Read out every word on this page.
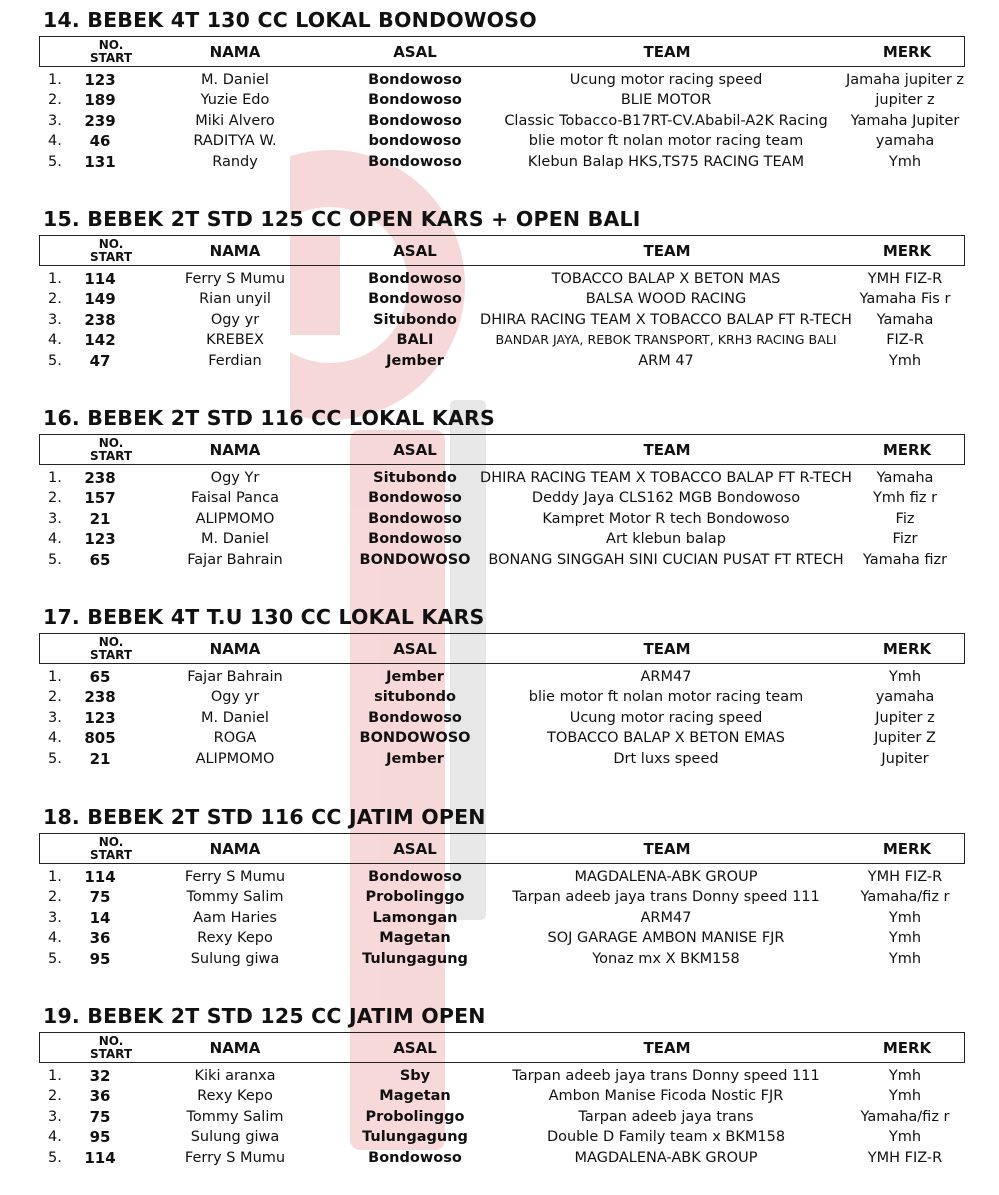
14. BEBEK 4T 130 CC LOKAL BONDOWOSO
NO.
START	NAMA	ASAL	TEAM	MERK
1.	123	M. Daniel	Bondowoso	Ucung motor racing speed	Jamaha jupiter z
2.	189	Yuzie Edo	Bondowoso	BLIE MOTOR	jupiter z
3.	239	Miki Alvero	Bondowoso	Classic Tobacco-B17RT-CV.Ababil-A2K Racing	Yamaha Jupiter
4.	46	RADITYA W.	bondowoso	blie motor ft nolan motor racing team	yamaha
5.	131	Randy	Bondowoso	Klebun Balap HKS,TS75 RACING TEAM	Ymh
15. BEBEK 2T STD 125 CC OPEN KARS + OPEN BALI
NO.
START	NAMA	ASAL	TEAM	MERK
1.	114	Ferry S Mumu	Bondowoso	TOBACCO BALAP X BETON MAS	YMH FIZ-R
2.	149	Rian unyil	Bondowoso	BALSA WOOD RACING	Yamaha Fis r
3.	238	Ogy yr	Situbondo	DHIRA RACING TEAM X TOBACCO BALAP FT R-TECH	Yamaha
4.	142	KREBEX	BALI	BANDAR JAYA, REBOK TRANSPORT, KRH3 RACING BALI	FIZ-R
5.	47	Ferdian	Jember	ARM 47	Ymh
16. BEBEK 2T STD 116 CC LOKAL KARS
NO.
START	NAMA	ASAL	TEAM	MERK
1.	238	Ogy Yr	Situbondo	DHIRA RACING TEAM X TOBACCO BALAP FT R-TECH	Yamaha
2.	157	Faisal Panca	Bondowoso	Deddy Jaya CLS162 MGB Bondowoso	Ymh fiz r
3.	21	ALIPMOMO	Bondowoso	Kampret Motor R tech Bondowoso	Fiz
4.	123	M. Daniel	Bondowoso	Art klebun balap	Fizr
5.	65	Fajar Bahrain	BONDOWOSO	BONANG SINGGAH SINI CUCIAN PUSAT FT RTECH	Yamaha fizr
17. BEBEK 4T T.U 130 CC LOKAL KARS
NO.
START	NAMA	ASAL	TEAM	MERK
1.	65	Fajar Bahrain	Jember	ARM47	Ymh
2.	238	Ogy yr	situbondo	blie motor ft nolan motor racing team	yamaha
3.	123	M. Daniel	Bondowoso	Ucung motor racing speed	Jupiter z
4.	805	ROGA	BONDOWOSO	TOBACCO BALAP X BETON EMAS	Jupiter Z
5.	21	ALIPMOMO	Jember	Drt luxs speed	Jupiter
18. BEBEK 2T STD 116 CC JATIM OPEN
NO.
START	NAMA	ASAL	TEAM	MERK
1.	114	Ferry S Mumu	Bondowoso	MAGDALENA-ABK GROUP	YMH FIZ-R
2.	75	Tommy Salim	Probolinggo	Tarpan adeeb jaya trans Donny speed 111	Yamaha/fiz r
3.	14	Aam Haries	Lamongan	ARM47	Ymh
4.	36	Rexy Kepo	Magetan	SOJ GARAGE AMBON MANISE FJR	Ymh
5.	95	Sulung giwa	Tulungagung	Yonaz mx X BKM158	Ymh
19. BEBEK 2T STD 125 CC JATIM OPEN
NO.
START	NAMA	ASAL	TEAM	MERK
1.	32	Kiki aranxa	Sby	Tarpan adeeb jaya trans Donny speed 111	Ymh
2.	36	Rexy Kepo	Magetan	Ambon Manise Ficoda Nostic FJR	Ymh
3.	75	Tommy Salim	Probolinggo	Tarpan adeeb jaya trans	Yamaha/fiz r
4.	95	Sulung giwa	Tulungagung	Double D Family team x BKM158	Ymh
5.	114	Ferry S Mumu	Bondowoso	MAGDALENA-ABK GROUP	YMH FIZ-R
